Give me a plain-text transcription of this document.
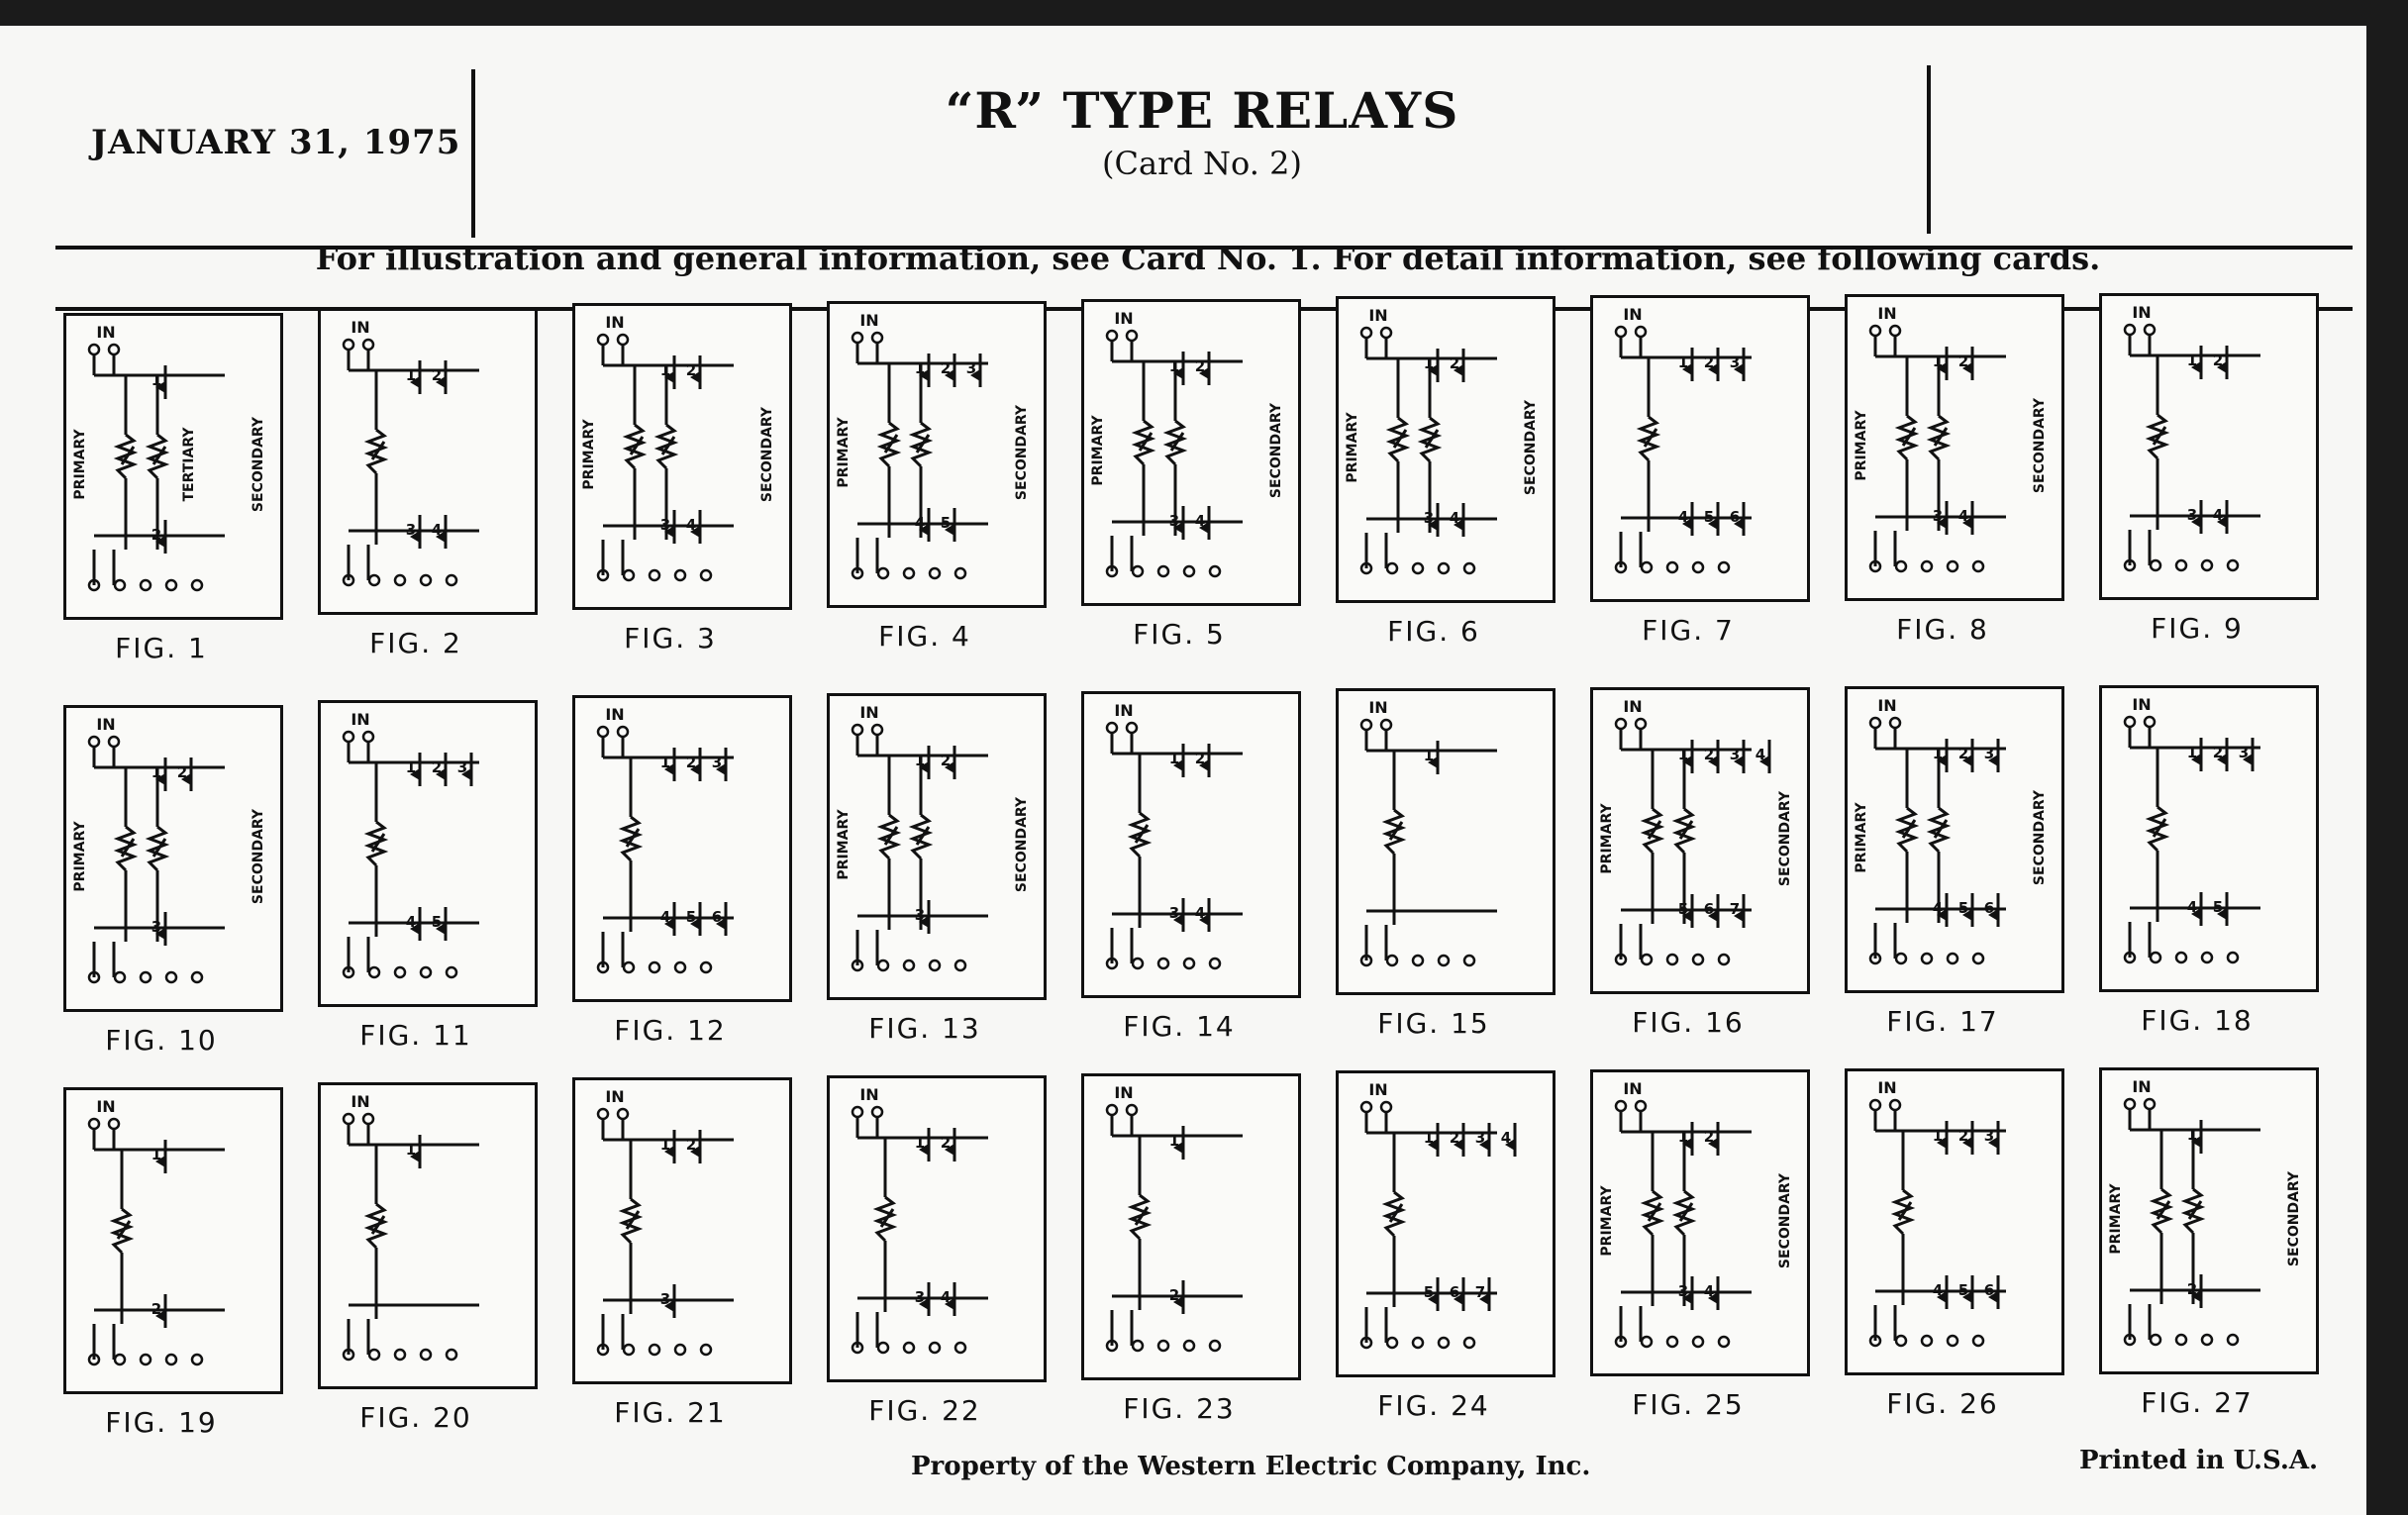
JANUARY 31, 1975
“R” TYPE RELAYS
(Card No. 2)
For illustration and general information, see Card No. 1. For detail information, see following cards.
IN
PRIMARY	SECONDARY
TERTIARY
1
2
FIG. 1
IN
1 2
3 4
FIG. 2
IN
PRIMARY	SECONDARY
1 2
3 4
FIG. 3
IN
PRIMARY	SECONDARY
1 2 3
4 5
FIG. 4
IN
PRIMARY	SECONDARY
1 2
3 4
FIG. 5
IN
PRIMARY	SECONDARY
1 2
3 4
FIG. 6
IN
1 2 3
4 5 6
FIG. 7
IN
PRIMARY	SECONDARY
1 2
3 4
FIG. 8
IN
1 2
3 4
FIG. 9
IN
PRIMARY	SECONDARY
1 2
3
FIG. 10
IN
1 2 3
4 5
FIG. 11
IN
1 2 3
4 5 6
FIG. 12
IN
PRIMARY	SECONDARY
1 2
3
FIG. 13
IN
1 2
3 4
FIG. 14
IN
1
FIG. 15
IN
PRIMARY	SECONDARY
1 2 3 4
5 6 7
FIG. 16
IN
PRIMARY	SECONDARY
1 2 3
4 5 6
FIG. 17
IN
1 2 3
4 5
FIG. 18
IN
1
2
FIG. 19
IN
1
FIG. 20
IN
1 2
3
FIG. 21
IN
1 2
3 4
FIG. 22
IN
1
2
FIG. 23
IN
1 2 3 4
5 6 7
FIG. 24
IN
PRIMARY	SECONDARY
1 2
3 4
FIG. 25
IN
1 2 3
4 5 6
FIG. 26
IN
PRIMARY	SECONDARY
1
2
FIG. 27
Property of the Western Electric Company, Inc.	Printed in U.S.A.
